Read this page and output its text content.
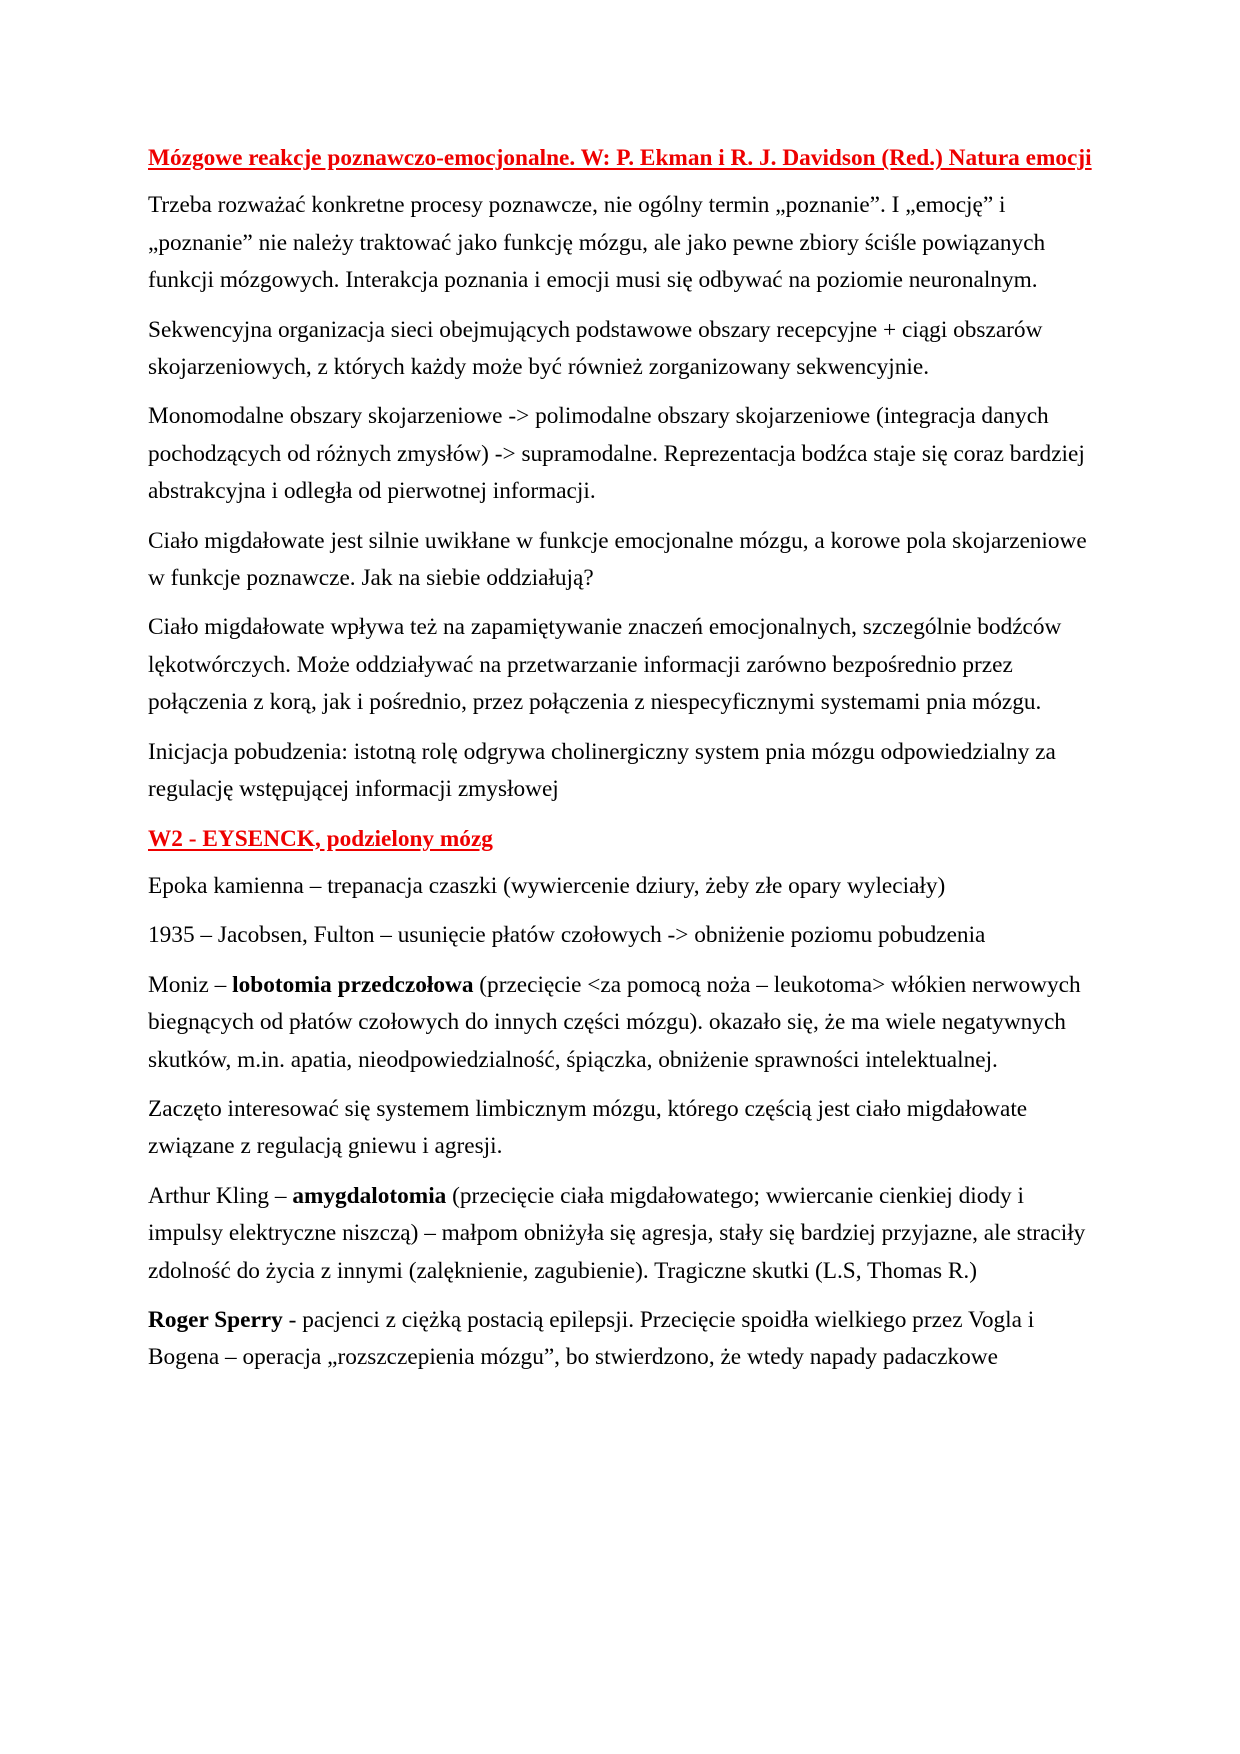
Mózgowe reakcje poznawczo-emocjonalne. W: P. Ekman i R. J. Davidson (Red.) Natura emocji

Trzeba rozważać konkretne procesy poznawcze, nie ogólny termin „poznanie”. I „emocję” i „poznanie” nie należy traktować jako funkcję mózgu, ale jako pewne zbiory ściśle powiązanych funkcji mózgowych. Interakcja poznania i emocji musi się odbywać na poziomie neuronalnym.

Sekwencyjna organizacja sieci obejmujących podstawowe obszary recepcyjne + ciągi obszarów skojarzeniowych, z których każdy może być również zorganizowany sekwencyjnie.

Monomodalne obszary skojarzeniowe -> polimodalne obszary skojarzeniowe (integracja danych pochodzących od różnych zmysłów) -> supramodalne. Reprezentacja bodźca staje się coraz bardziej abstrakcyjna i odległa od pierwotnej informacji.

Ciało migdałowate jest silnie uwikłane w funkcje emocjonalne mózgu, a korowe pola skojarzeniowe w funkcje poznawcze. Jak na siebie oddziałują?

Ciało migdałowate wpływa też na zapamiętywanie znaczeń emocjonalnych, szczególnie bodźców lękotwórczych. Może oddziaływać na przetwarzanie informacji zarówno bezpośrednio przez połączenia z korą, jak i pośrednio, przez połączenia z niespecyficznymi systemami pnia mózgu.

Inicjacja pobudzenia: istotną rolę odgrywa cholinergiczny system pnia mózgu odpowiedzialny za regulację wstępującej informacji zmysłowej

W2 - EYSENCK, podzielony mózg

Epoka kamienna – trepanacja czaszki (wywiercenie dziury, żeby złe opary wyleciały)

1935 – Jacobsen, Fulton – usunięcie płatów czołowych -> obniżenie poziomu pobudzenia

Moniz – lobotomia przedczołowa (przecięcie <za pomocą noża – leukotoma> włókien nerwowych biegnących od płatów czołowych do innych części mózgu). okazało się, że ma wiele negatywnych skutków, m.in. apatia, nieodpowiedzialność, śpiączka, obniżenie sprawności intelektualnej.

Zaczęto interesować się systemem limbicznym mózgu, którego częścią jest ciało migdałowate związane z regulacją gniewu i agresji.

Arthur Kling – amygdalotomia (przecięcie ciała migdałowatego; wwiercanie cienkiej diody i impulsy elektryczne niszczą) – małpom obniżyła się agresja, stały się bardziej przyjazne, ale straciły zdolność do życia z innymi (zalęknienie, zagubienie). Tragiczne skutki (L.S, Thomas R.)

Roger Sperry - pacjenci z ciężką postacią epilepsji. Przecięcie spoidła wielkiego przez Vogla i Bogena – operacja „rozszczepienia mózgu”, bo stwierdzono, że wtedy napady padaczkowe
